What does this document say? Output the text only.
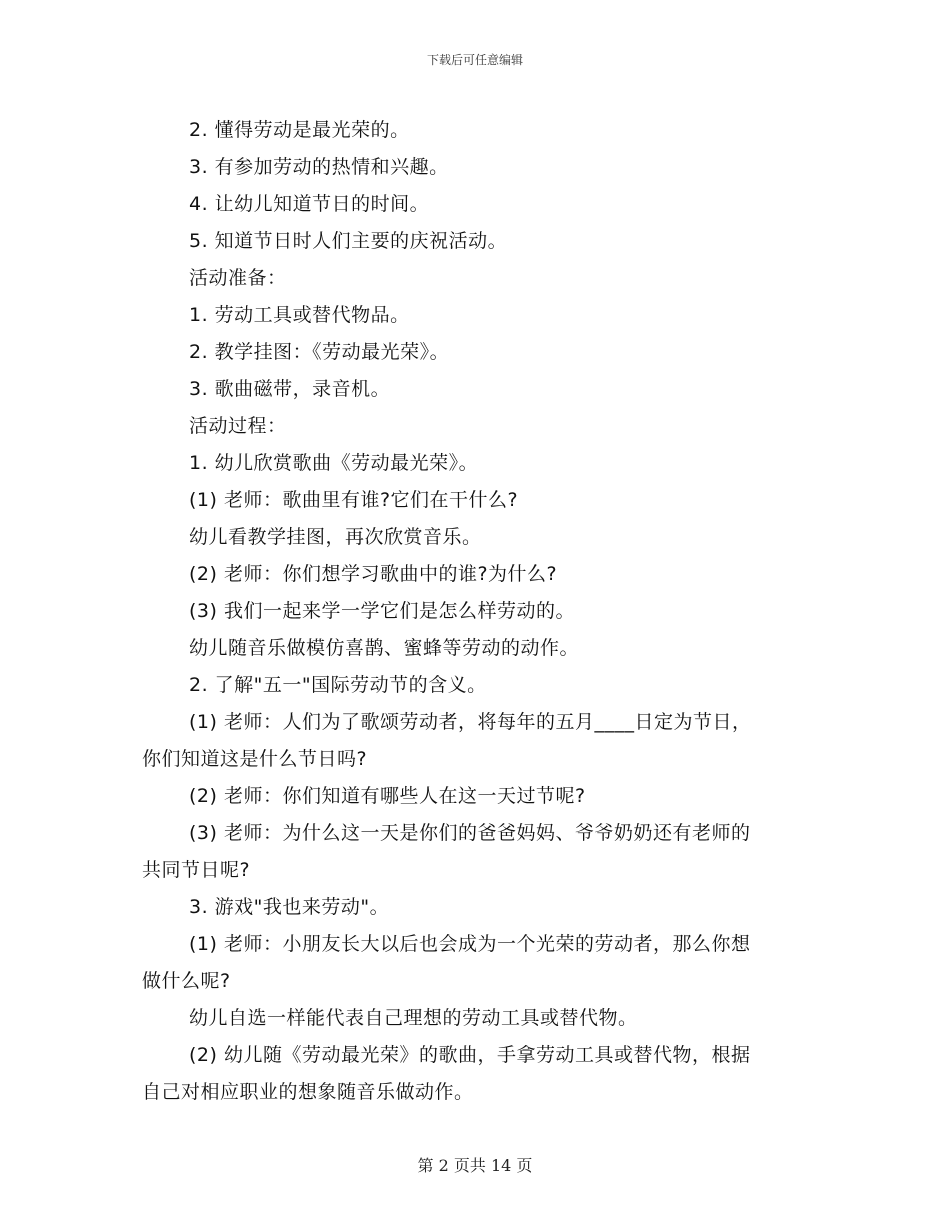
下载后可任意编辑

2. 懂得劳动是最光荣的。

3. 有参加劳动的热情和兴趣。

4. 让幼儿知道节日的时间。

5. 知道节日时人们主要的庆祝活动。

活动准备：

1. 劳动工具或替代物品。

2. 教学挂图：《劳动最光荣》。

3. 歌曲磁带，录音机。

活动过程：

1. 幼儿欣赏歌曲《劳动最光荣》。

(1) 老师：歌曲里有谁?它们在干什么?

幼儿看教学挂图，再次欣赏音乐。

(2) 老师：你们想学习歌曲中的谁?为什么?

(3) 我们一起来学一学它们是怎么样劳动的。

幼儿随音乐做模仿喜鹊、蜜蜂等劳动的动作。

2. 了解"五一"国际劳动节的含义。

(1) 老师：人们为了歌颂劳动者，将每年的五月____日定为节日，

你们知道这是什么节日吗?

(2) 老师：你们知道有哪些人在这一天过节呢?

(3) 老师：为什么这一天是你们的爸爸妈妈、爷爷奶奶还有老师的

共同节日呢?

3. 游戏"我也来劳动"。

(1) 老师：小朋友长大以后也会成为一个光荣的劳动者，那么你想

做什么呢?

幼儿自选一样能代表自己理想的劳动工具或替代物。

(2) 幼儿随《劳动最光荣》的歌曲，手拿劳动工具或替代物，根据

自己对相应职业的想象随音乐做动作。

第 2 页共 14 页
